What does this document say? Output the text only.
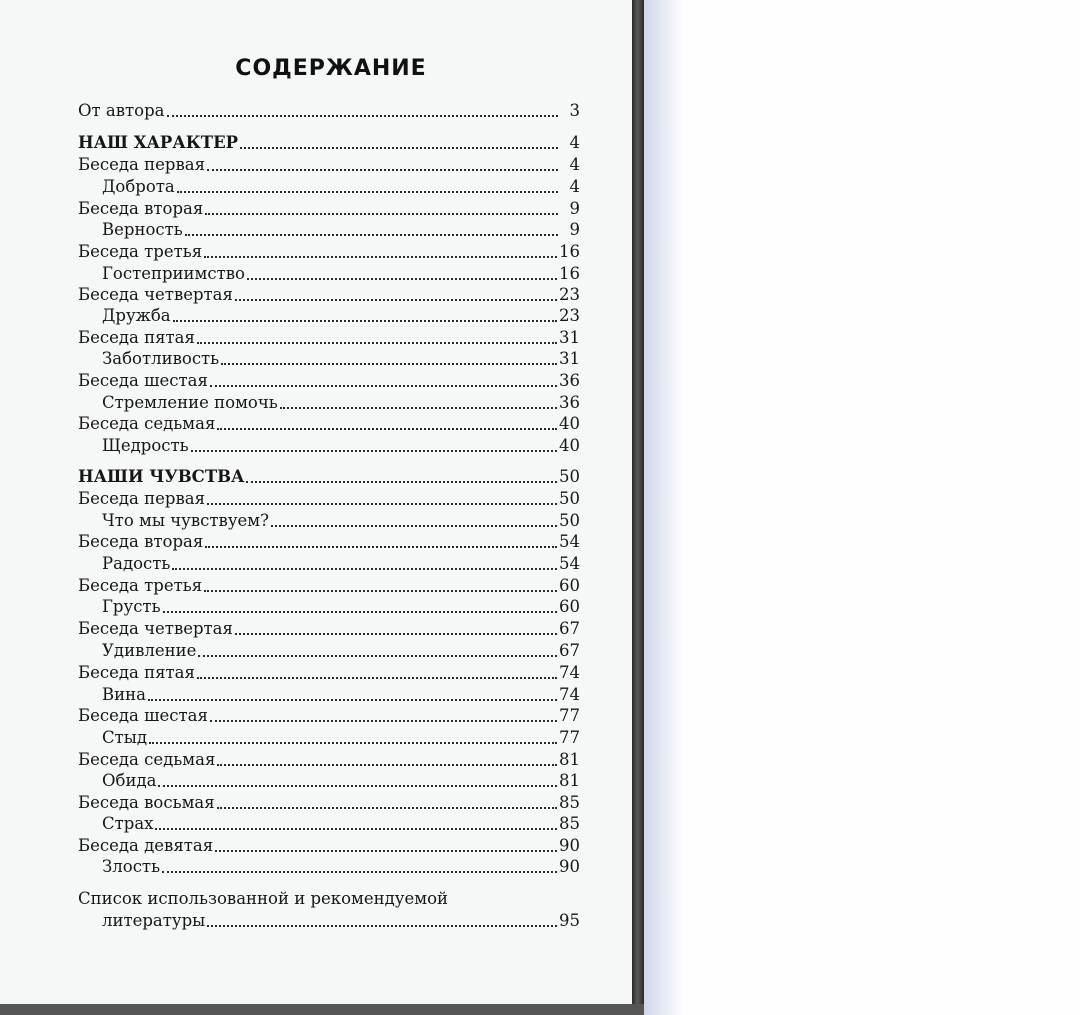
СОДЕРЖАНИЕ
От автора	3
НАШ ХАРАКТЕР	4
Беседа первая	4
Доброта	4
Беседа вторая	9
Верность	9
Беседа третья	16
Гостеприимство	16
Беседа четвертая	23
Дружба	23
Беседа пятая	31
Заботливость	31
Беседа шестая	36
Стремление помочь	36
Беседа седьмая	40
Щедрость	40
НАШИ ЧУВСТВА	50
Беседа первая	50
Что мы чувствуем?	50
Беседа вторая	54
Радость	54
Беседа третья	60
Грусть	60
Беседа четвертая	67
Удивление	67
Беседа пятая	74
Вина	74
Беседа шестая	77
Стыд	77
Беседа седьмая	81
Обида	81
Беседа восьмая	85
Страх	85
Беседа девятая	90
Злость	90
Список использованной и рекомендуемой
литературы	95
